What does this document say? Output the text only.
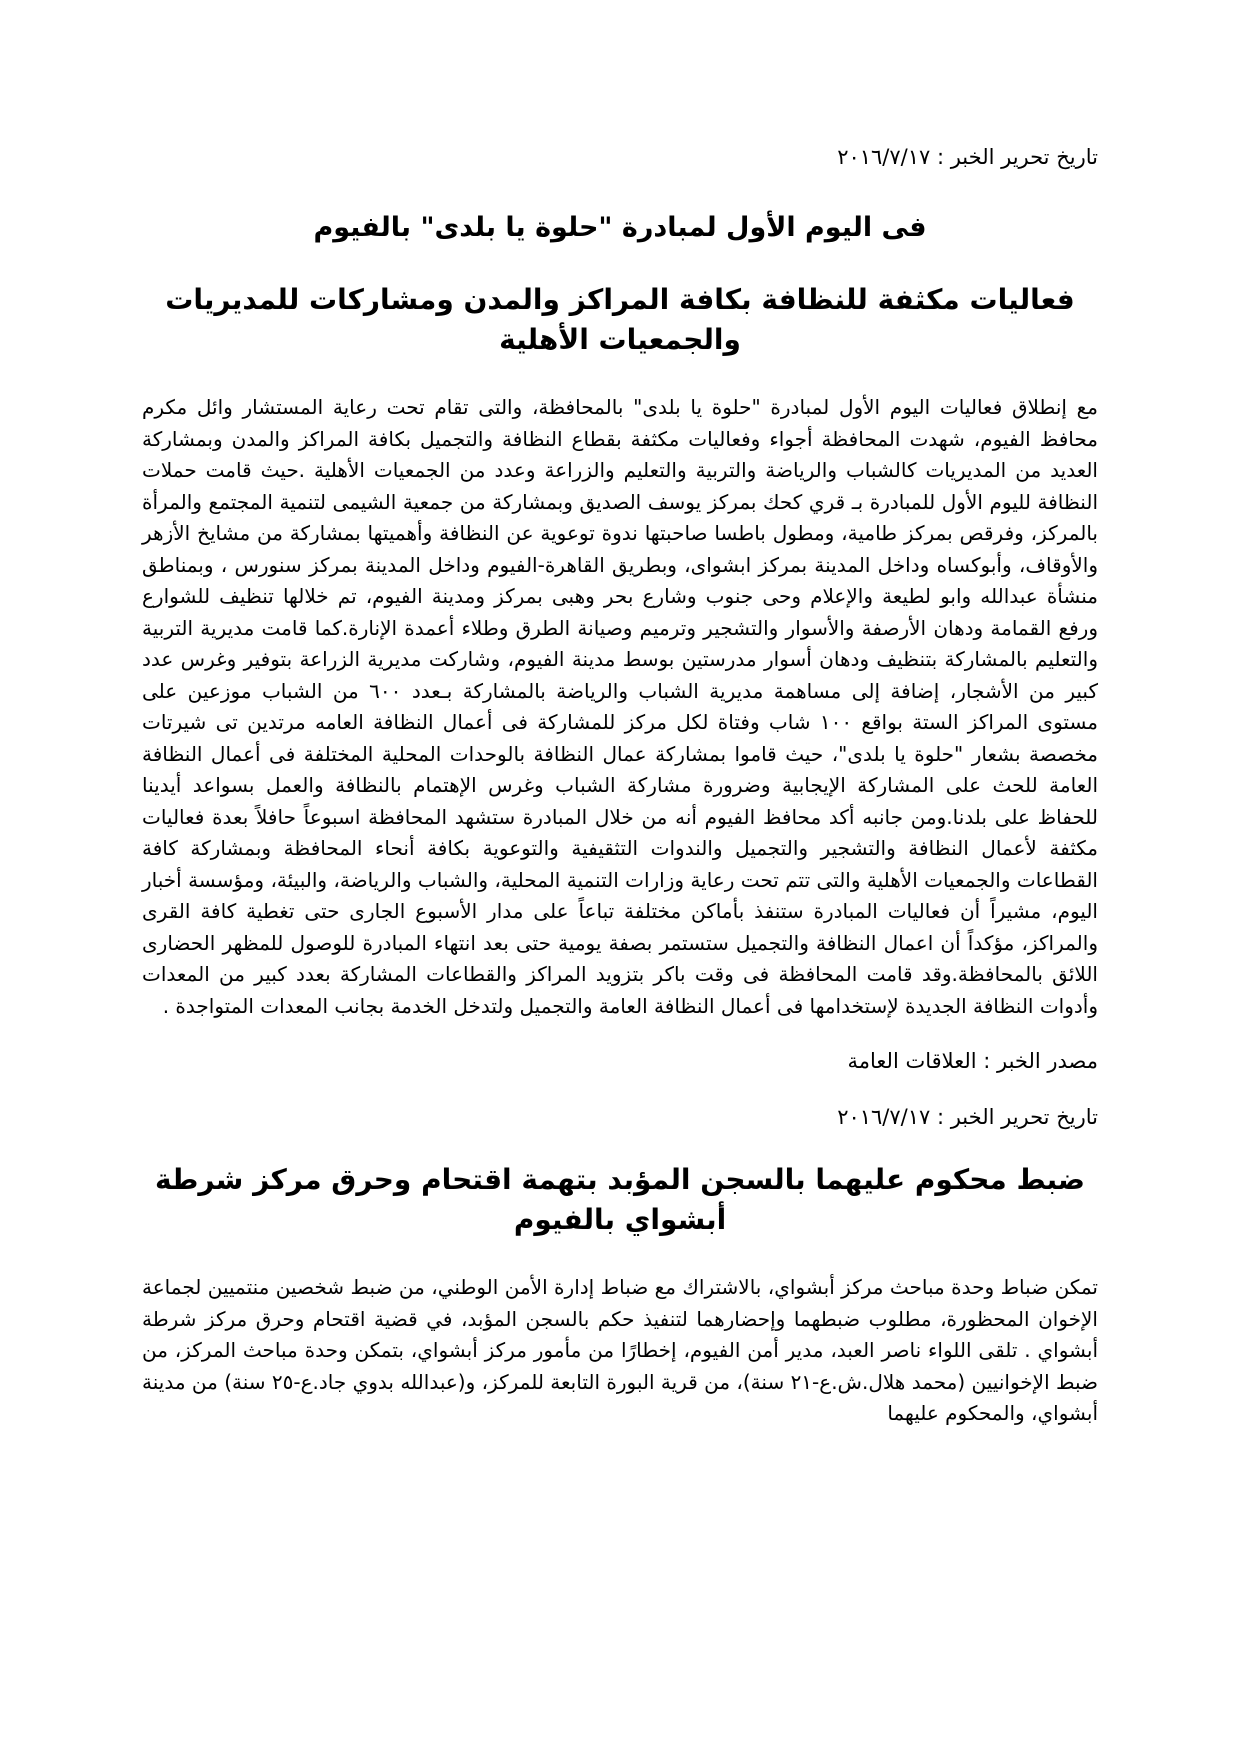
تاريخ تحرير الخبر : ٢٠١٦/٧/١٧

فى اليوم الأول لمبادرة "حلوة يا بلدى" بالفيوم
فعاليات مكثفة للنظافة بكافة المراكز والمدن ومشاركات للمديريات والجمعيات الأهلية

مع إنطلاق فعاليات اليوم الأول لمبادرة "حلوة يا بلدى" بالمحافظة، والتى تقام تحت رعاية المستشار وائل مكرم محافظ الفيوم، شهدت المحافظة أجواء وفعاليات مكثفة بقطاع النظافة والتجميل بكافة المراكز والمدن وبمشاركة العديد من المديريات كالشباب والرياضة والتربية والتعليم والزراعة وعدد من الجمعيات الأهلية .حيث قامت حملات النظافة لليوم الأول للمبادرة بـ قري كحك بمركز يوسف الصديق وبمشاركة من جمعية الشيمى لتنمية المجتمع والمرأة بالمركز، وفرقص بمركز طامية، ومطول باطسا صاحبتها ندوة توعوية عن النظافة وأهميتها بمشاركة من مشايخ الأزهر والأوقاف، وأبوكساه وداخل المدينة بمركز ابشواى، وبطريق القاهرة-الفيوم وداخل المدينة بمركز سنورس ، وبمناطق منشأة عبدالله وابو لطيعة والإعلام وحى جنوب وشارع بحر وهبى بمركز ومدينة الفيوم، تم خلالها تنظيف للشوارع ورفع القمامة ودهان الأرصفة والأسوار والتشجير وترميم وصيانة الطرق وطلاء أعمدة الإنارة.كما قامت مديرية التربية والتعليم بالمشاركة بتنظيف ودهان أسوار مدرستين بوسط مدينة الفيوم، وشاركت مديرية الزراعة بتوفير وغرس عدد كبير من الأشجار، إضافة إلى مساهمة مديرية الشباب والرياضة بالمشاركة بـعدد ٦٠٠ من الشباب موزعين على مستوى المراكز الستة بواقع ١٠٠ شاب وفتاة لكل مركز للمشاركة فى أعمال النظافة العامه مرتدين تى شيرتات مخصصة بشعار "حلوة يا بلدى"، حيث قاموا بمشاركة عمال النظافة بالوحدات المحلية المختلفة فى أعمال النظافة العامة للحث على المشاركة الإيجابية وضرورة مشاركة الشباب وغرس الإهتمام بالنظافة والعمل بسواعد أيدينا للحفاظ على بلدنا.ومن جانبه أكد محافظ الفيوم أنه من خلال المبادرة ستشهد المحافظة اسبوعاً حافلاً بعدة فعاليات مكثفة لأعمال النظافة والتشجير والتجميل والندوات التثقيفية والتوعوية بكافة أنحاء المحافظة وبمشاركة كافة القطاعات والجمعيات الأهلية والتى تتم تحت رعاية وزارات التنمية المحلية، والشباب والرياضة، والبيئة، ومؤسسة أخبار اليوم، مشيراً أن فعاليات المبادرة ستنفذ بأماكن مختلفة تباعاً على مدار الأسبوع الجارى حتى تغطية كافة القرى والمراكز، مؤكداً أن اعمال النظافة والتجميل ستستمر بصفة يومية حتى بعد انتهاء المبادرة للوصول للمظهر الحضارى اللائق بالمحافظة.وقد قامت المحافظة فى وقت باكر بتزويد المراكز والقطاعات المشاركة بعدد كبير من المعدات وأدوات النظافة الجديدة لإستخدامها فى أعمال النظافة العامة والتجميل ولتدخل الخدمة بجانب المعدات المتواجدة .

مصدر الخبر : العلاقات العامة

تاريخ تحرير الخبر : ٢٠١٦/٧/١٧

ضبط محكوم عليهما بالسجن المؤبد بتهمة اقتحام وحرق مركز شرطة أبشواي بالفيوم

تمكن ضباط وحدة مباحث مركز أبشواي، بالاشتراك مع ضباط إدارة الأمن الوطني، من ضبط شخصين منتميين لجماعة الإخوان المحظورة، مطلوب ضبطهما وإحضارهما لتنفيذ حكم بالسجن المؤبد، في قضية اقتحام وحرق مركز شرطة أبشواي . تلقى اللواء ناصر العبد، مدير أمن الفيوم، إخطارًا من مأمور مركز أبشواي، بتمكن وحدة مباحث المركز، من ضبط الإخوانيين (محمد هلال.ش.ع-٢١ سنة)، من قرية البورة التابعة للمركز، و(عبدالله بدوي جاد.ع-٢٥ سنة) من مدينة أبشواي، والمحكوم عليهما
